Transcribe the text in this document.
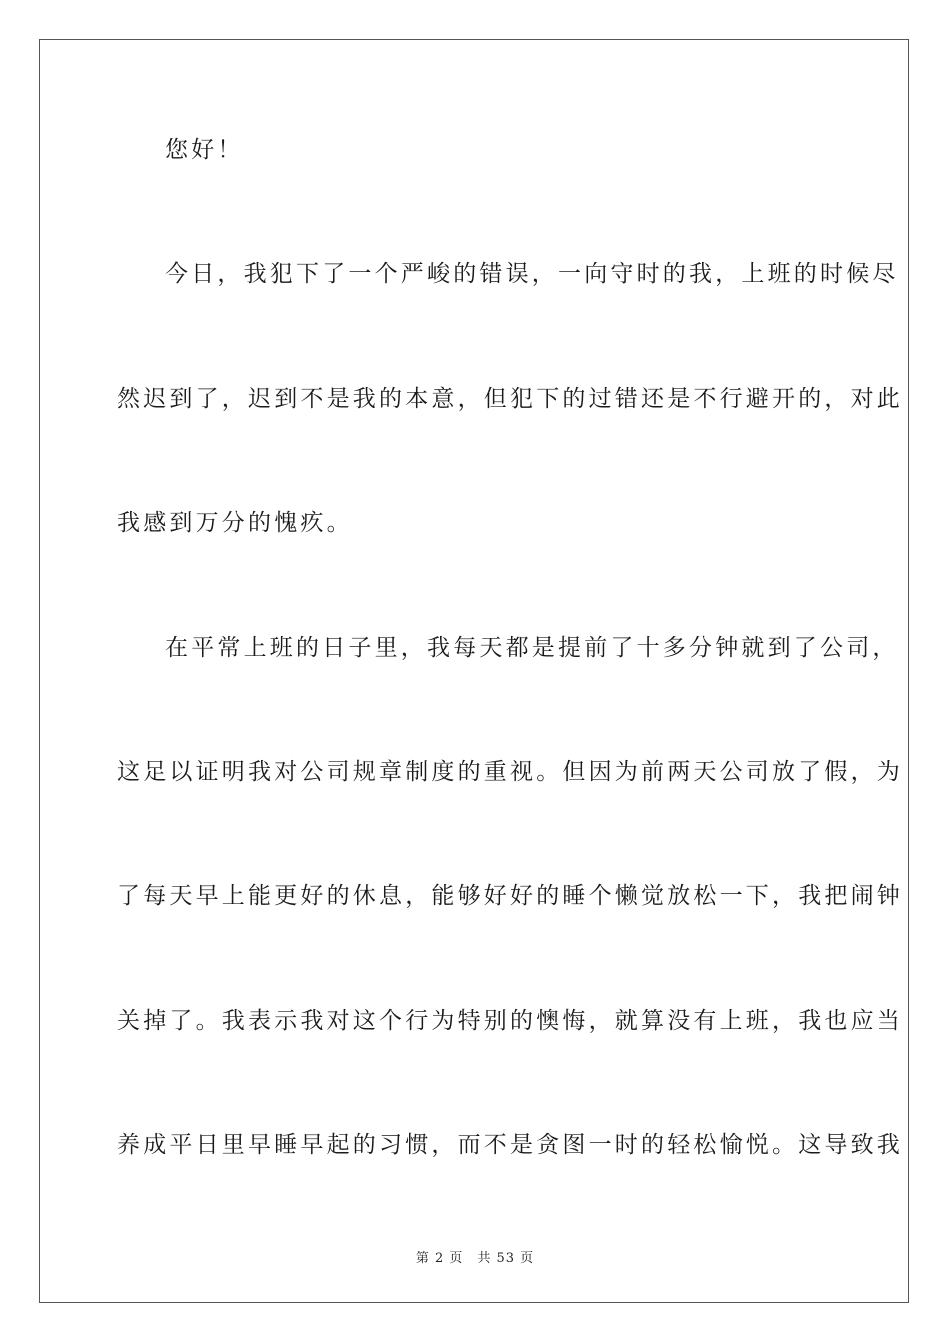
您好！
今日，我犯下了一个严峻的错误，一向守时的我，上班的时候尽
然迟到了，迟到不是我的本意，但犯下的过错还是不行避开的，对此
我感到万分的愧疚。
在平常上班的日子里，我每天都是提前了十多分钟就到了公司，
这足以证明我对公司规章制度的重视。但因为前两天公司放了假，为
了每天早上能更好的休息，能够好好的睡个懒觉放松一下，我把闹钟
关掉了。我表示我对这个行为特别的懊悔，就算没有上班，我也应当
养成平日里早睡早起的习惯，而不是贪图一时的轻松愉悦。这导致我
第 2 页 共 53 页
